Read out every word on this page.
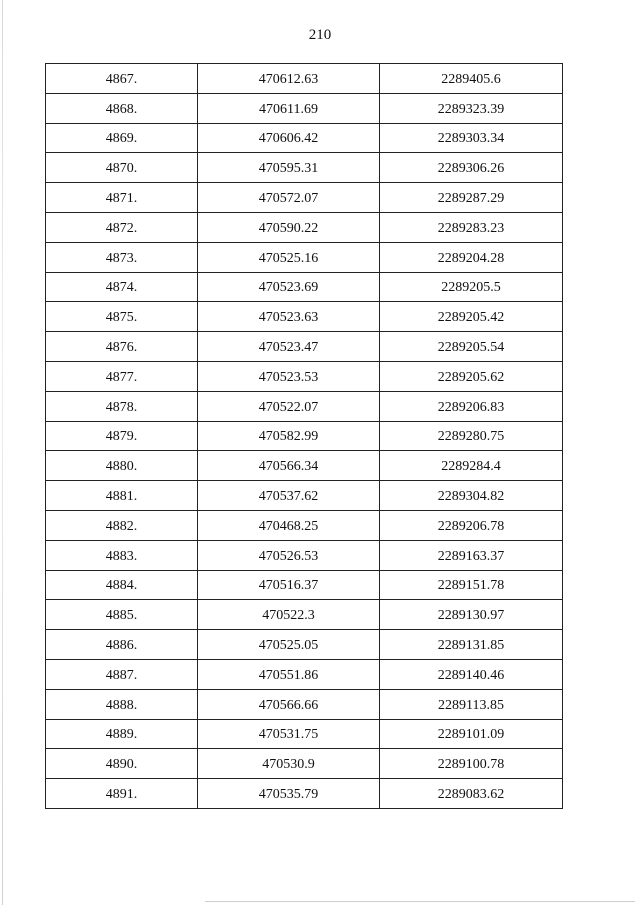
210
4867.	470612.63	2289405.6
4868.	470611.69	2289323.39
4869.	470606.42	2289303.34
4870.	470595.31	2289306.26
4871.	470572.07	2289287.29
4872.	470590.22	2289283.23
4873.	470525.16	2289204.28
4874.	470523.69	2289205.5
4875.	470523.63	2289205.42
4876.	470523.47	2289205.54
4877.	470523.53	2289205.62
4878.	470522.07	2289206.83
4879.	470582.99	2289280.75
4880.	470566.34	2289284.4
4881.	470537.62	2289304.82
4882.	470468.25	2289206.78
4883.	470526.53	2289163.37
4884.	470516.37	2289151.78
4885.	470522.3	2289130.97
4886.	470525.05	2289131.85
4887.	470551.86	2289140.46
4888.	470566.66	2289113.85
4889.	470531.75	2289101.09
4890.	470530.9	2289100.78
4891.	470535.79	2289083.62
